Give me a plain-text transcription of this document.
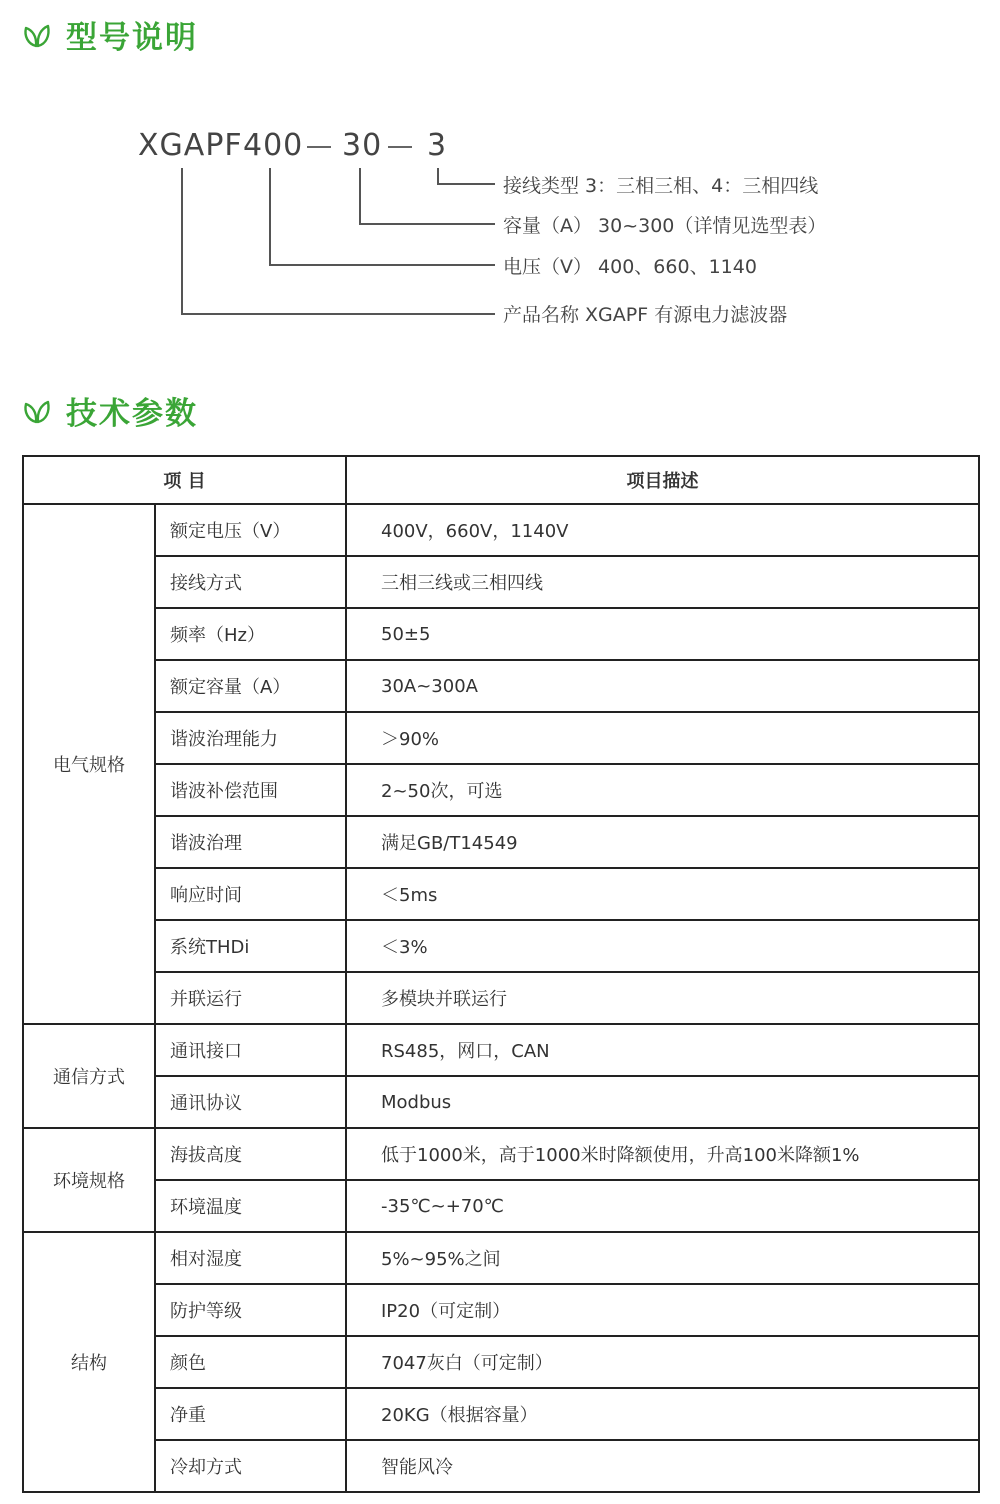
型号说明
XGAPF 400 30 3
接线类型 3：三相三相、4：三相四线
容量（A） 30~300（详情见选型表）
电压（V） 400、660、1140
产品名称 XGAPF 有源电力滤波器
技术参数
项 目		项目描述
电气规格	额定电压（V）	400V，660V，1140V
	接线方式	三相三线或三相四线
	频率（Hz）	50±5
	额定容量（A）	30A~300A
	谐波治理能力	＞90%
	谐波补偿范围	2~50次，可选
	谐波治理	满足GB/T14549
	响应时间	＜5ms
	系统THDi	＜3%
	并联运行	多模块并联运行
通信方式	通讯接口	RS485，网口，CAN
	通讯协议	Modbus
环境规格	海拔高度	低于1000米，高于1000米时降额使用，升高100米降额1%
	环境温度	-35℃~+70℃
结构	相对湿度	5%~95%之间
	防护等级	IP20（可定制）
	颜色	7047灰白（可定制）
	净重	20KG（根据容量）
	冷却方式	智能风冷
